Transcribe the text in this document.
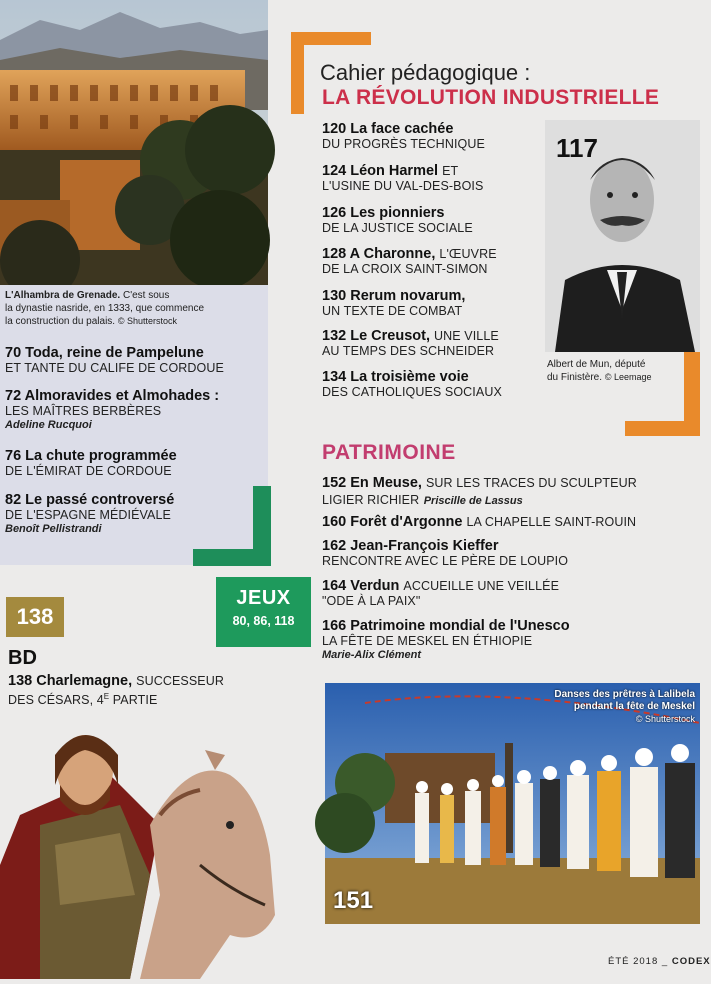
L'Alhambra de Grenade. C'est sous
la dynastie nasride, en 1333, que commence
la construction du palais. © Shutterstock
70 Toda, reine de Pampelune
ET TANTE DU CALIFE DE CORDOUE
72 Almoravides et Almohades :
LES MAÎTRES BERBÈRES
Adeline Rucquoi
76 La chute programmée
DE L'ÉMIRAT DE CORDOUE
82 Le passé controversé
DE L'ESPAGNE MÉDIÉVALE
Benoît Pellistrandi
JEUX
80, 86, 118
138
BD
138 Charlemagne, SUCCESSEUR
DES CÉSARS, $4^E$ PARTIE
Cahier pédagogique :
LA RÉVOLUTION INDUSTRIELLE
120 La face cachée
DU PROGRÈS TECHNIQUE
124 Léon Harmel ET
L'USINE DU VAL-DES-BOIS
126 Les pionniers
DE LA JUSTICE SOCIALE
128 A Charonne, L'ŒUVRE
DE LA CROIX SAINT-SIMON
130 Rerum novarum,
UN TEXTE DE COMBAT
132 Le Creusot, UNE VILLE
AU TEMPS DES SCHNEIDER
134 La troisième voie
DES CATHOLIQUES SOCIAUX
117
Albert de Mun, député
du Finistère. © Leemage
PATRIMOINE
152 En Meuse, SUR LES TRACES DU SCULPTEUR
LIGIER RICHIER Priscille de Lassus
160 Forêt d'Argonne LA CHAPELLE SAINT-ROUIN
162 Jean-François Kieffer
RENCONTRE AVEC LE PÈRE DE LOUPIO
164 Verdun ACCUEILLE UNE VEILLÉE
"ODE À LA PAIX"
166 Patrimoine mondial de l'Unesco
LA FÊTE DE MESKEL EN ÉTHIOPIE
Marie-Alix Clément
Danses des prêtres à Lalibela
pendant la fête de Meskel
© Shutterstock
151
ÉTÉ 2018 _ CODEX
